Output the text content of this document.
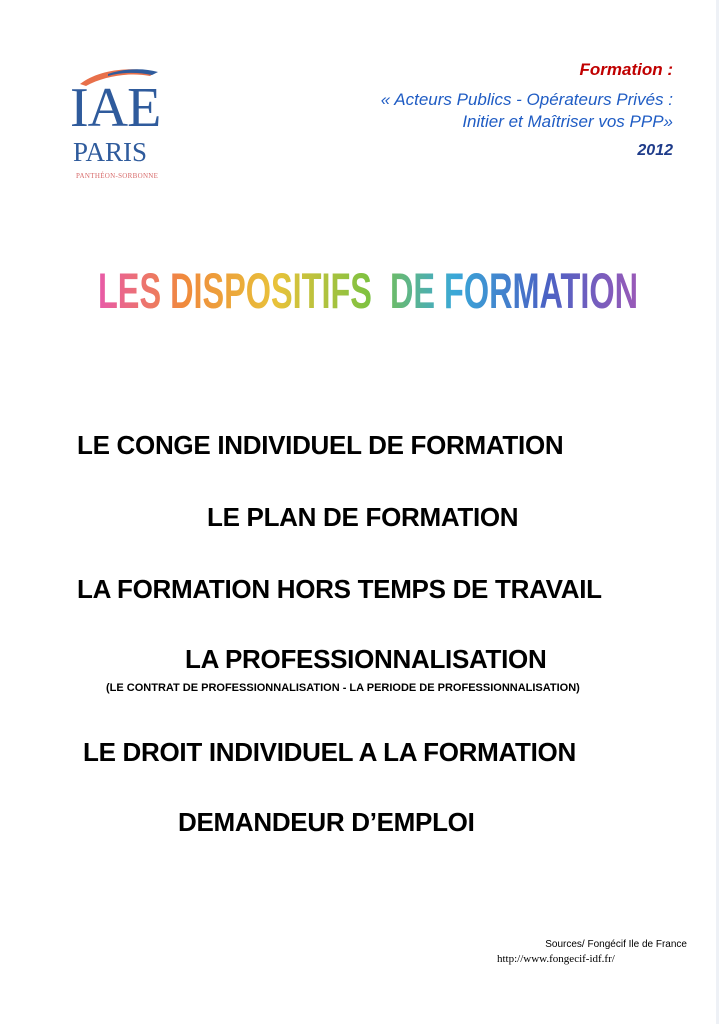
IAE
PARIS
PANTHÉON-SORBONNE
Formation :
« Acteurs Publics - Opérateurs Privés :
Initier et Maîtriser vos PPP»
2012
LES DISPOSITIFS  DE FORMATION
LE CONGE INDIVIDUEL DE FORMATION
LE PLAN DE FORMATION
LA FORMATION HORS TEMPS DE TRAVAIL
LA PROFESSIONNALISATION
(LE CONTRAT DE PROFESSIONNALISATION - LA PERIODE DE PROFESSIONNALISATION)
LE DROIT INDIVIDUEL A LA FORMATION
DEMANDEUR D’EMPLOI
Sources/ Fongécif Ile de France
http://www.fongecif-idf.fr/
